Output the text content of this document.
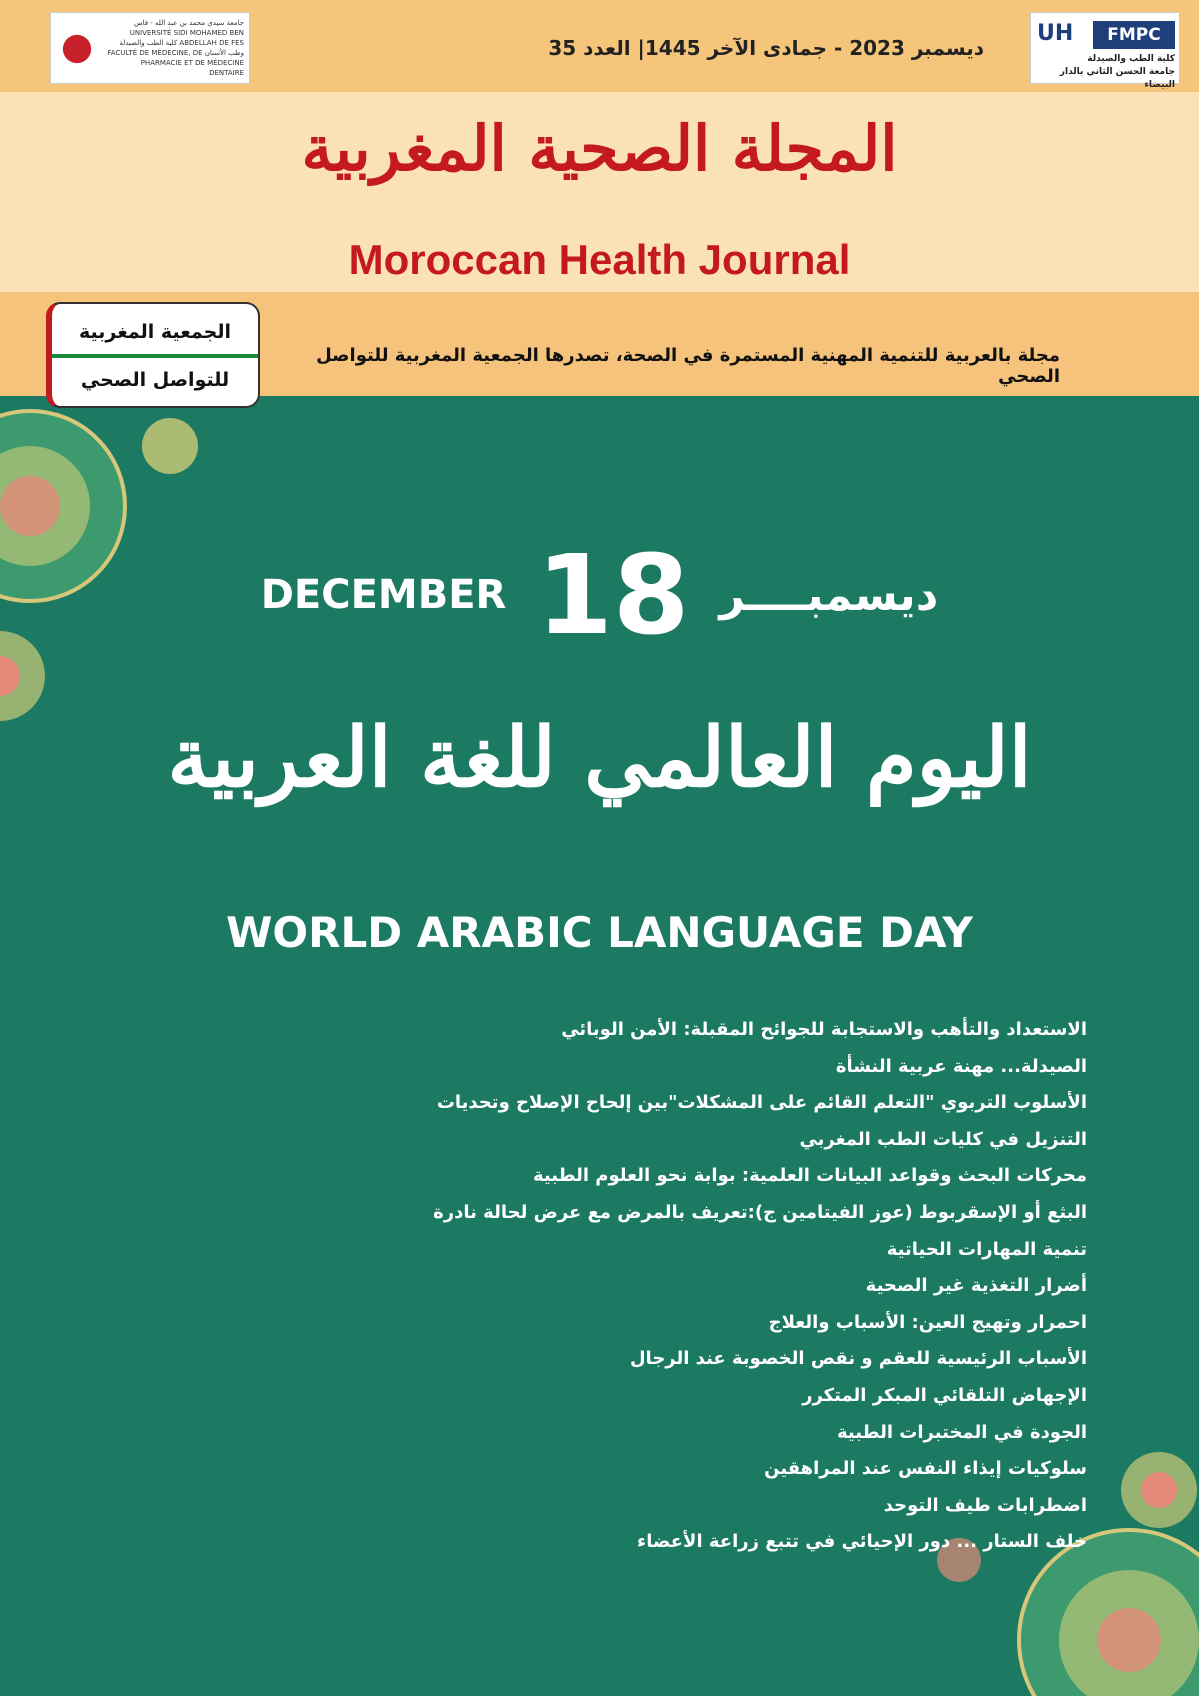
جامعة سيدي محمد بن عبد الله - فاس UNIVERSITÉ SIDI MOHAMED BEN ABDELLAH DE FES كلية الطب والصيدلة وطب الأسنان FACULTÉ DE MÉDECINE, DE PHARMACIE ET DE MÉDECINE DENTAIRE
UH	FMPC
كلية الطب والصيدلة
جامعة الحسن الثاني بالدار البيضاء
ديسمبر 2023 - جمادى الآخر 1445| العدد 35
المجلة الصحية المغربية
Moroccan Health Journal
الجمعية المغربية
للتواصل الصحي
مجلة بالعربية للتنمية المهنية المستمرة في الصحة، تصدرها الجمعية المغربية للتواصل الصحي
DECEMBER 18 ديسمبــــر
اليوم العالمي للغة العربية
WORLD ARABIC LANGUAGE DAY
الاستعداد والتأهب والاستجابة للجوائح المقبلة: الأمن الوبائي
الصيدلة... مهنة عربية النشأة
الأسلوب التربوي "التعلم القائم على المشكلات"بين إلحاح الإصلاح وتحديات
التنزيل في كليات الطب المغربي
محركات البحث وقواعد البيانات العلمية: بوابة نحو العلوم الطبية
البثع أو الإسقربوط (عوز الفيتامين ج):تعريف بالمرض مع عرض لحالة نادرة
تنمية المهارات الحياتية
أضرار التغذية غير الصحية
احمرار وتهيج العين: الأسباب والعلاج
الأسباب الرئيسية للعقم و نقص الخصوبة عند الرجال
الإجهاض التلقائي المبكر المتكرر
الجودة في المختبرات الطبية
سلوكيات إيذاء النفس عند المراهقين
اضطرابات طيف التوحد
خلف الستار ... دور الإحيائي في تتبع زراعة الأعضاء
